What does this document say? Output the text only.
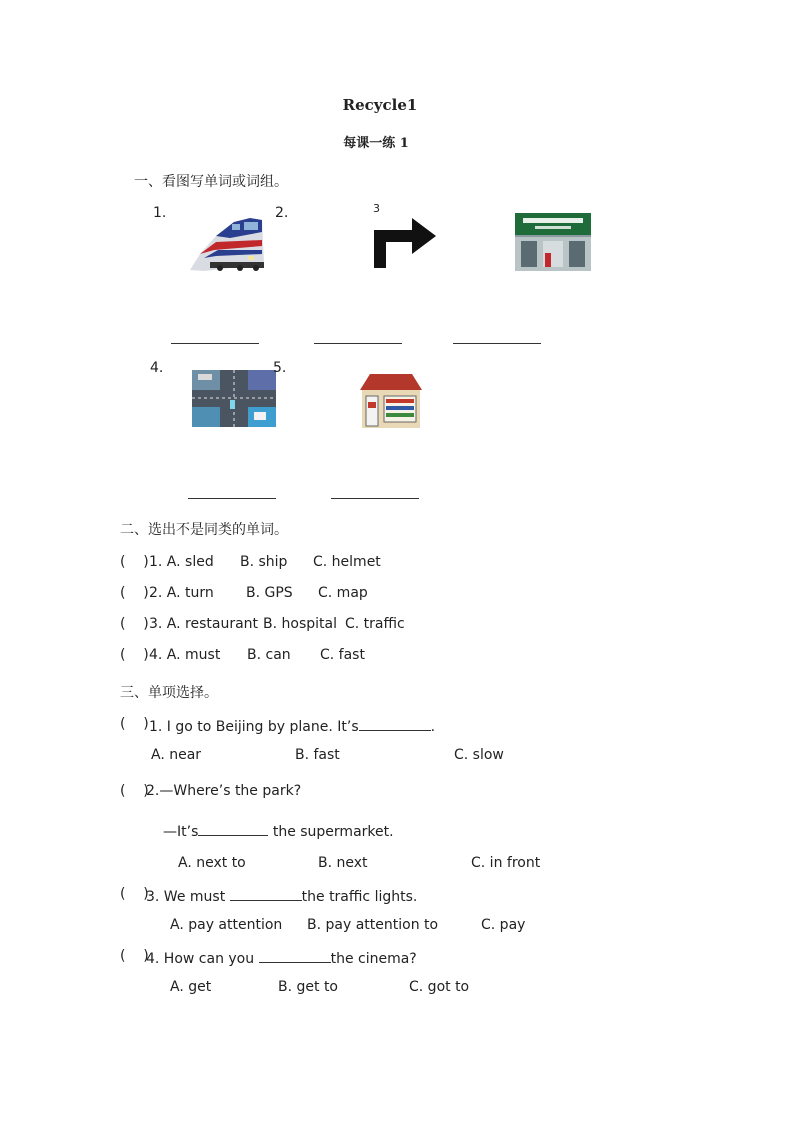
Recycle1
每课一练 1
一、看图写单词或词组。
1.	2.	3
4.	5.
二、选出不是同类的单词。
(    ) 1. A. sled B. ship C. helmet
(    ) 2. A. turn B. GPS C. map
(    ) 3. A. restaurant B. hospital C. traffic
(    ) 4. A. must B. can C. fast
三、单项选择。
(    ) 1. I go to Beijing by plane. It’s	.
A. near	B. fast	C. slow
(    )
2.—Where’s the park?
—It’s	the supermarket.
A. next to	B. next	C. in front
(    )
3. We must	the traffic lights.
A. pay attention B. pay attention to	C. pay
(    )
4. How can you	the cinema?
A. get	B. get to	C. got to
